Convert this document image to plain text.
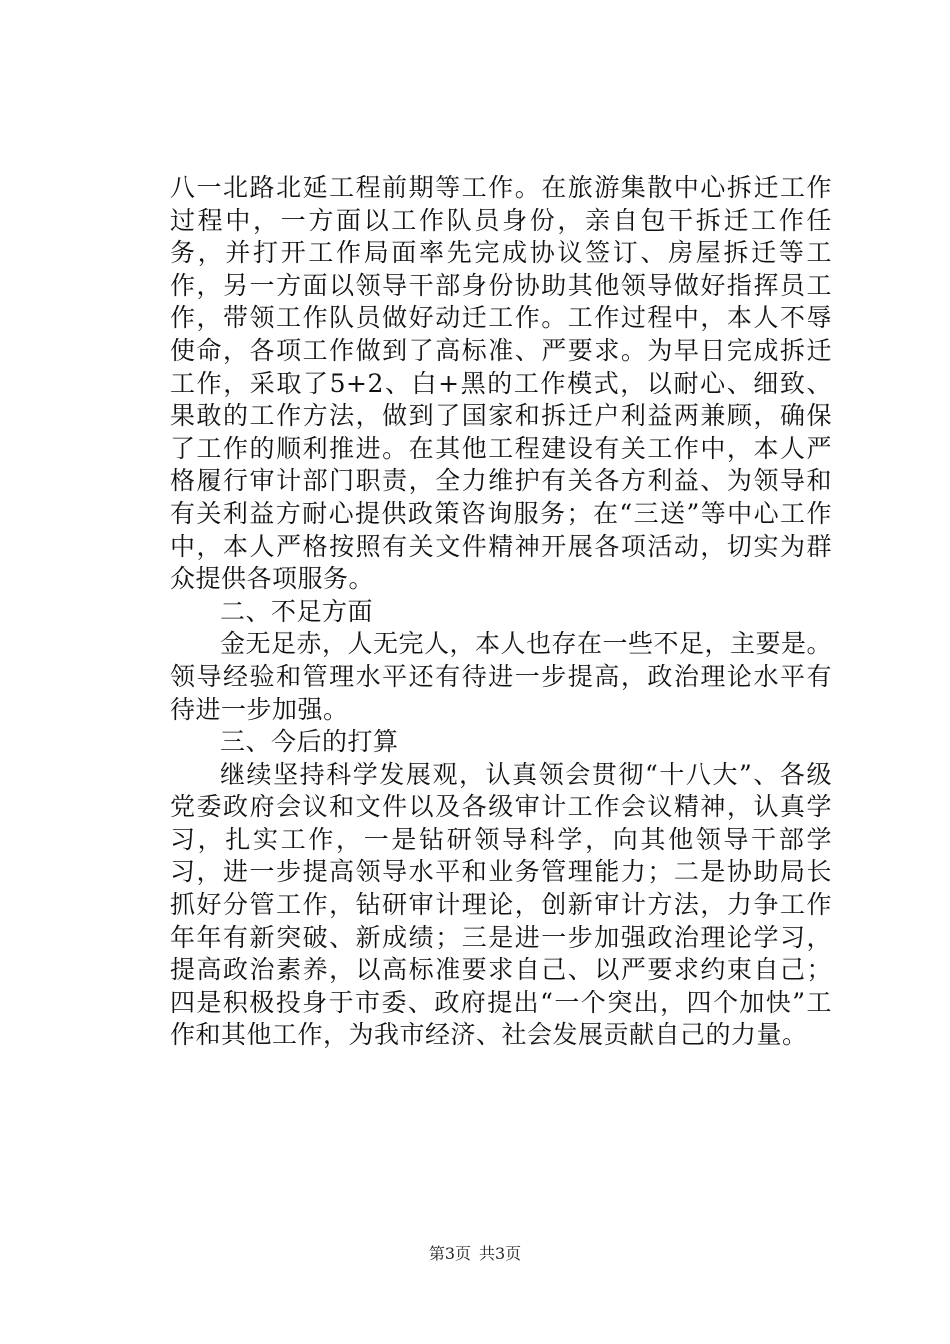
八一北路北延工程前期等工作。在旅游集散中心拆迁工作过程中，一方面以工作队员身份，亲自包干拆迁工作任务，并打开工作局面率先完成协议签订、房屋拆迁等工作，另一方面以领导干部身份协助其他领导做好指挥员工作，带领工作队员做好动迁工作。工作过程中，本人不辱使命，各项工作做到了高标准、严要求。为早日完成拆迁工作，采取了5+2、白+黑的工作模式，以耐心、细致、果敢的工作方法，做到了国家和拆迁户利益两兼顾，确保了工作的顺利推进。在其他工程建设有关工作中，本人严格履行审计部门职责，全力维护有关各方利益、为领导和有关利益方耐心提供政策咨询服务；在“三送”等中心工作中，本人严格按照有关文件精神开展各项活动，切实为群众提供各项服务。

二、不足方面

金无足赤，人无完人，本人也存在一些不足，主要是。领导经验和管理水平还有待进一步提高，政治理论水平有待进一步加强。

三、今后的打算

继续坚持科学发展观，认真领会贯彻“十八大”、各级党委政府会议和文件以及各级审计工作会议精神，认真学习，扎实工作，一是钻研领导科学，向其他领导干部学习，进一步提高领导水平和业务管理能力；二是协助局长抓好分管工作，钻研审计理论，创新审计方法，力争工作年年有新突破、新成绩；三是进一步加强政治理论学习，提高政治素养，以高标准要求自己、以严要求约束自己；四是积极投身于市委、政府提出“一个突出，四个加快”工作和其他工作，为我市经济、社会发展贡献自己的力量。

第3页 共3页
